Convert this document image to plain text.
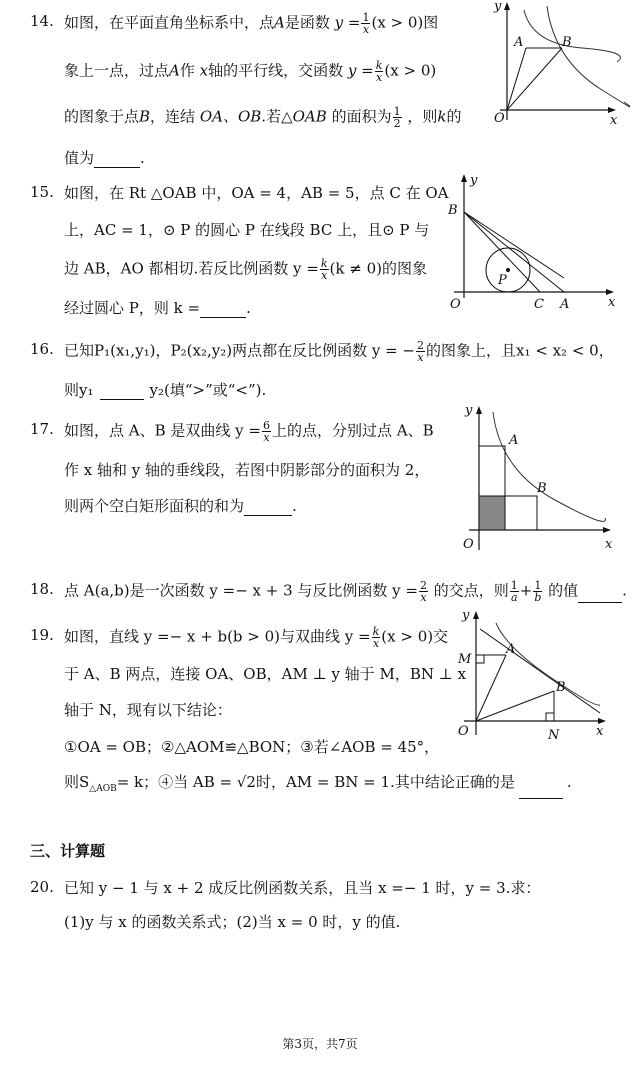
14. 如图，在平面直角坐标系中，点A是函数 $y = \frac{1}{x} (x > 0)$图
象上一点，过点A作 x轴的平行线，交函数 $y = \frac{k}{x} (x > 0)$
的图象于点B，连结 OA、OB.若△OAB 的面积为 $\frac{1}{2}$ ，则k的
值为	.
y
x
O
A	B
15. 如图，在 Rt △OAB 中，OA = 4，AB = 5，点 C 在 OA
上，AC = 1，⊙ P 的圆心 P 在线段 BC 上，且⊙ P 与
边 AB，AO 都相切.若反比例函数 $y = \frac{k}{x} (k \ne 0)$的图象
经过圆心 P，则 k =	.
B
y
x
O	C A
P
16. 已知P₁(x₁,y₁)，P₂(x₂,y₂)两点都在反比例函数 y = − $\frac{2}{x}$ 的图象上，且x₁ < x₂ < 0，
则y₁	y₂(填“>”或“<”).
17. 如图，点 A、B 是双曲线 $y = \frac{6}{x}$ 上的点，分别过点 A、B
作 x 轴和 y 轴的垂线段，若图中阴影部分的面积为 2，
则两个空白矩形面积的和为	.
y
x
O
A
B
18. 点 A(a,b)是一次函数 y =− x + 3 与反比例函数 $y = \frac{2}{x}$ 的交点，则 $\frac{1}{a} + \frac{1}{b}$ 的值	.
19. 如图，直线 y =− x + b(b > 0)与双曲线 $y = \frac{k}{x} (x > 0)$交
于 A、B 两点，连接 OA、OB，AM ⊥ y 轴于 M，BN ⊥ x
轴于 N，现有以下结论：
①OA = OB；②△AOM≌△BON；③若∠AOB = 45°，
则$S_{\triangle AOB}= k$；④当 AB = √2时，AM = BN = 1.其中结论正确的是	.
y
x
O
M
A
B
N
三、计算题
20. 已知 y − 1 与 x + 2 成反比例函数关系，且当 x =− 1 时，y = 3.求：
(1)y 与 x 的函数关系式；(2)当 x = 0 时，y 的值.
第3页，共7页
